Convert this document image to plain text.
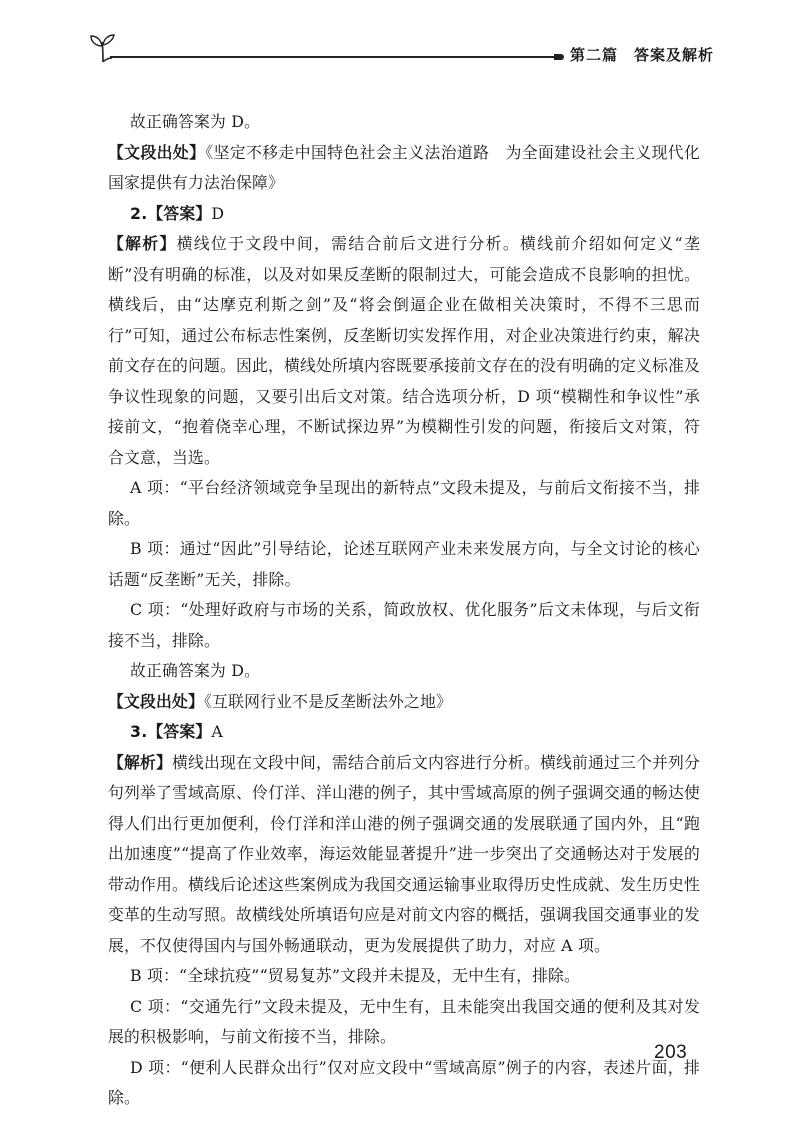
第二篇　答案及解析

故正确答案为 D。

【文段出处】《坚定不移走中国特色社会主义法治道路　为全面建设社会主义现代化国家提供有力法治保障》

2.【答案】D

【解析】横线位于文段中间，需结合前后文进行分析。横线前介绍如何定义“垄断”没有明确的标准，以及对如果反垄断的限制过大，可能会造成不良影响的担忧。横线后，由“达摩克利斯之剑”及“将会倒逼企业在做相关决策时，不得不三思而行”可知，通过公布标志性案例，反垄断切实发挥作用，对企业决策进行约束，解决前文存在的问题。因此，横线处所填内容既要承接前文存在的没有明确的定义标准及争议性现象的问题，又要引出后文对策。结合选项分析，D 项“模糊性和争议性”承接前文，“抱着侥幸心理，不断试探边界”为模糊性引发的问题，衔接后文对策，符合文意，当选。

A 项：“平台经济领域竞争呈现出的新特点”文段未提及，与前后文衔接不当，排除。

B 项：通过“因此”引导结论，论述互联网产业未来发展方向，与全文讨论的核心话题“反垄断”无关，排除。

C 项：“处理好政府与市场的关系，简政放权、优化服务”后文未体现，与后文衔接不当，排除。

故正确答案为 D。

【文段出处】《互联网行业不是反垄断法外之地》

3.【答案】A

【解析】横线出现在文段中间，需结合前后文内容进行分析。横线前通过三个并列分句列举了雪域高原、伶仃洋、洋山港的例子，其中雪域高原的例子强调交通的畅达使得人们出行更加便利，伶仃洋和洋山港的例子强调交通的发展联通了国内外，且“跑出加速度”“提高了作业效率，海运效能显著提升”进一步突出了交通畅达对于发展的带动作用。横线后论述这些案例成为我国交通运输事业取得历史性成就、发生历史性变革的生动写照。故横线处所填语句应是对前文内容的概括，强调我国交通事业的发展，不仅使得国内与国外畅通联动，更为发展提供了助力，对应 A 项。

B 项：“全球抗疫”“贸易复苏”文段并未提及，无中生有，排除。

C 项：“交通先行”文段未提及，无中生有，且未能突出我国交通的便利及其对发展的积极影响，与前文衔接不当，排除。

D 项：“便利人民群众出行”仅对应文段中“雪域高原”例子的内容，表述片面，排除。

203
